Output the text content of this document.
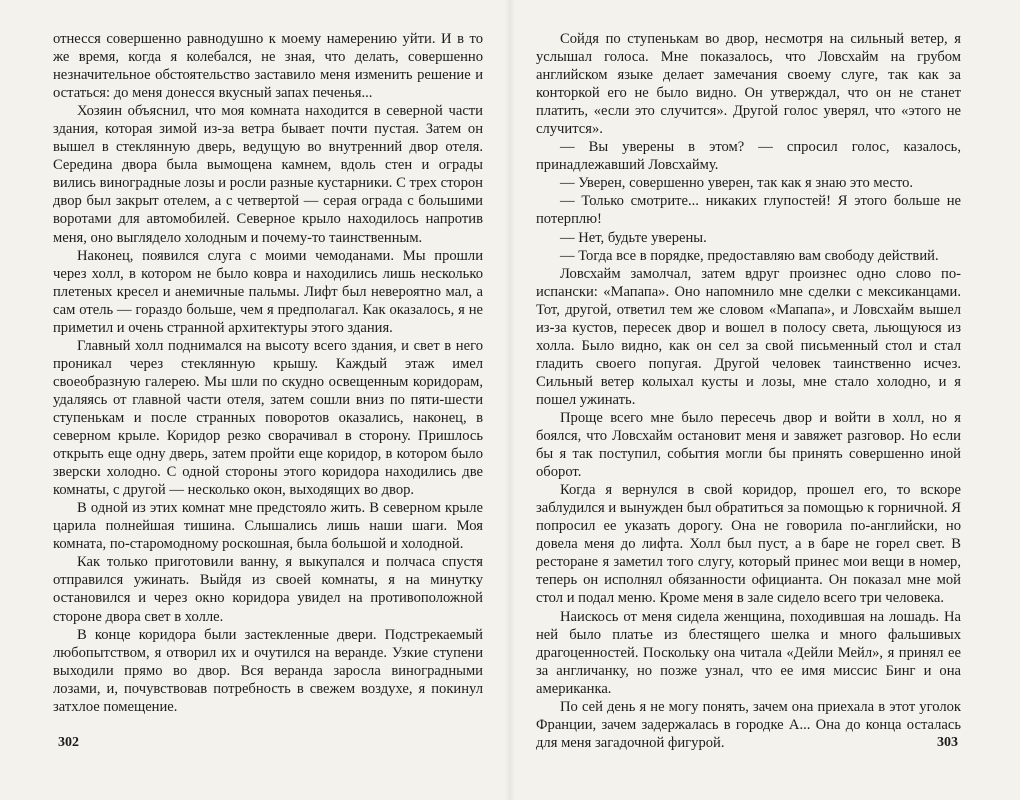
отнесся совершенно равнодушно к моему намерению уйти. И в то же время, когда я колебался, не зная, что делать, совершенно незначительное обстоятельство заставило меня изменить решение и остаться: до меня донесся вкусный запах печенья...

Хозяин объяснил, что моя комната находится в северной части здания, которая зимой из-за ветра бывает почти пустая. Затем он вышел в стеклянную дверь, ведущую во внутренний двор отеля. Середина двора была вымощена камнем, вдоль стен и ограды вились виноградные лозы и росли разные кустарники. С трех сторон двор был закрыт отелем, а с четвертой — серая ограда с большими воротами для автомобилей. Северное крыло находилось напротив меня, оно выглядело холодным и почему-то таинственным.

Наконец, появился слуга с моими чемоданами. Мы прошли через холл, в котором не было ковра и находились лишь несколько плетеных кресел и анемичные пальмы. Лифт был невероятно мал, а сам отель — гораздо больше, чем я предполагал. Как оказалось, я не приметил и очень странной архитектуры этого здания.

Главный холл поднимался на высоту всего здания, и свет в него проникал через стеклянную крышу. Каждый этаж имел своеобразную галерею. Мы шли по скудно освещенным коридорам, удаляясь от главной части отеля, затем сошли вниз по пяти-шести ступенькам и после странных поворотов оказались, наконец, в северном крыле. Коридор резко сворачивал в сторону. Пришлось открыть еще одну дверь, затем пройти еще коридор, в котором было зверски холодно. С одной стороны этого коридора находились две комнаты, с другой — несколько окон, выходящих во двор.

В одной из этих комнат мне предстояло жить. В северном крыле царила полнейшая тишина. Слышались лишь наши шаги. Моя комната, по-старомодному роскошная, была большой и холодной.

Как только приготовили ванну, я выкупался и полчаса спустя отправился ужинать. Выйдя из своей комнаты, я на минутку остановился и через окно коридора увидел на противоположной стороне двора свет в холле.

В конце коридора были застекленные двери. Подстрекаемый любопытством, я отворил их и очутился на веранде. Узкие ступени выходили прямо во двор. Вся веранда заросла виноградными лозами, и, почувствовав потребность в свежем воздухе, я покинул затхлое помещение.

302

Сойдя по ступенькам во двор, несмотря на сильный ветер, я услышал голоса. Мне показалось, что Ловсхайм на грубом английском языке делает замечания своему слуге, так как за конторкой его не было видно. Он утверждал, что он не станет платить, «если это случится». Другой голос уверял, что «этого не случится».

— Вы уверены в этом? — спросил голос, казалось, принадлежавший Ловсхайму.

— Уверен, совершенно уверен, так как я знаю это место.

— Только смотрите... никаких глупостей! Я этого больше не потерплю!

— Нет, будьте уверены.

— Тогда все в порядке, предоставляю вам свободу действий.

Ловсхайм замолчал, затем вдруг произнес одно слово по-испански: «Мапапа». Оно напомнило мне сделки с мексиканцами. Тот, другой, ответил тем же словом «Мапапа», и Ловсхайм вышел из-за кустов, пересек двор и вошел в полосу света, льющуюся из холла. Было видно, как он сел за свой письменный стол и стал гладить своего попугая. Другой человек таинственно исчез. Сильный ветер колыхал кусты и лозы, мне стало холодно, и я пошел ужинать.

Проще всего мне было пересечь двор и войти в холл, но я боялся, что Ловсхайм остановит меня и завяжет разговор. Но если бы я так поступил, события могли бы принять совершенно иной оборот.

Когда я вернулся в свой коридор, прошел его, то вскоре заблудился и вынужден был обратиться за помощью к горничной. Я попросил ее указать дорогу. Она не говорила по-английски, но довела меня до лифта. Холл был пуст, а в баре не горел свет. В ресторане я заметил того слугу, который принес мои вещи в номер, теперь он исполнял обязанности официанта. Он показал мне мой стол и подал меню. Кроме меня в зале сидело всего три человека.

Наискось от меня сидела женщина, походившая на лошадь. На ней было платье из блестящего шелка и много фальшивых драгоценностей. Поскольку она читала «Дейли Мейл», я принял ее за англичанку, но позже узнал, что ее имя миссис Бинг и она американка.

По сей день я не могу понять, зачем она приехала в этот уголок Франции, зачем задержалась в городке А... Она до конца осталась для меня загадочной фигурой.	303
